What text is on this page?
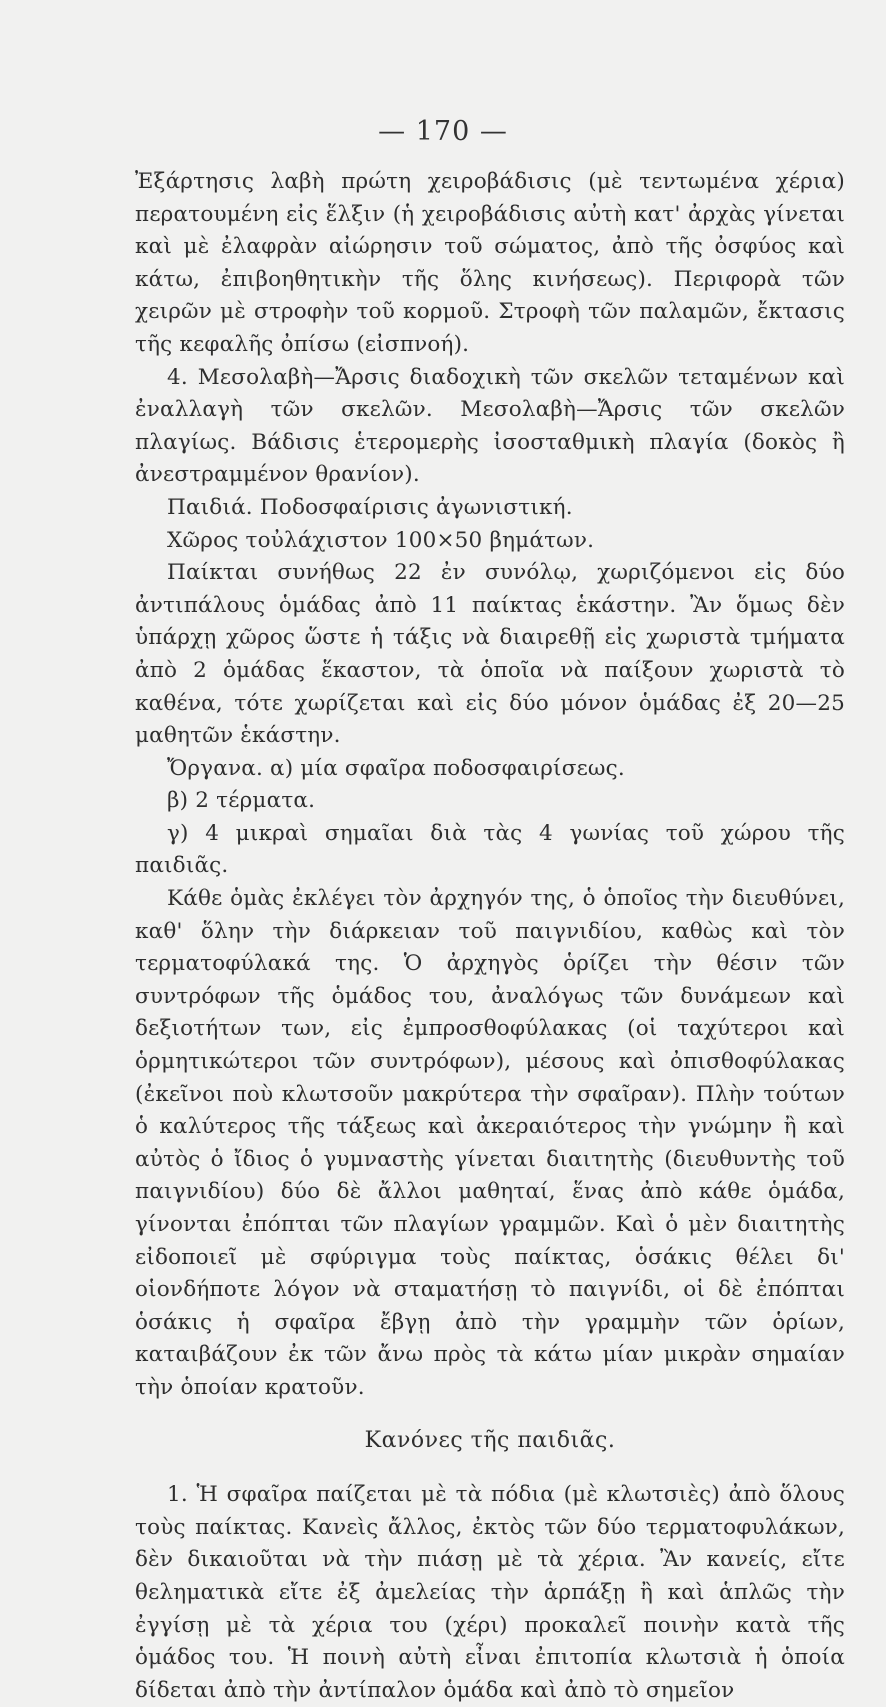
— 170 —

Ἐξάρτησις λαβὴ πρώτη χειροβάδισις (μὲ τεντωμένα χέρια) περατουμένη εἰς ἕλξιν (ἡ χειροβάδισις αὐτὴ κατ' ἀρχὰς γίνεται καὶ μὲ ἐλαφρὰν αἰώρησιν τοῦ σώματος, ἀπὸ τῆς ὀσφύος καὶ κάτω, ἐπιβοηθητικὴν τῆς ὅλης κινήσεως). Περιφορὰ τῶν χειρῶν μὲ στροφὴν τοῦ κορμοῦ. Στροφὴ τῶν παλαμῶν, ἔκτασις τῆς κεφαλῆς ὀπίσω (εἰσπνοή).

4. Μεσολαβὴ—Ἄρσις διαδοχικὴ τῶν σκελῶν τεταμένων καὶ ἐναλλαγὴ τῶν σκελῶν. Μεσολαβὴ—Ἄρσις τῶν σκελῶν πλαγίως. Βάδισις ἑτερομερὴς ἰσοσταθμικὴ πλαγία (δοκὸς ἢ ἀνεστραμμένον θρανίον).

Παιδιά. Ποδοσφαίρισις ἀγωνιστική.

Χῶρος τοὐλάχιστον 100×50 βημάτων.

Παίκται συνήθως 22 ἐν συνόλῳ, χωριζόμενοι εἰς δύο ἀντιπάλους ὁμάδας ἀπὸ 11 παίκτας ἑκάστην. Ἂν ὅμως δὲν ὑπάρχῃ χῶρος ὥστε ἡ τάξις νὰ διαιρεθῇ εἰς χωριστὰ τμήματα ἀπὸ 2 ὁμάδας ἕκαστον, τὰ ὁποῖα νὰ παίξουν χωριστὰ τὸ καθένα, τότε χωρίζεται καὶ εἰς δύο μόνον ὁμάδας ἐξ 20—25 μαθητῶν ἑκάστην.

Ὄργανα. α) μία σφαῖρα ποδοσφαιρίσεως.

β) 2 τέρματα.

γ) 4 μικραὶ σημαῖαι διὰ τὰς 4 γωνίας τοῦ χώρου τῆς παιδιᾶς.

Κάθε ὁμὰς ἐκλέγει τὸν ἀρχηγόν της, ὁ ὁποῖος τὴν διευθύνει, καθ' ὅλην τὴν διάρκειαν τοῦ παιγνιδίου, καθὼς καὶ τὸν τερματοφύλακά της. Ὁ ἀρχηγὸς ὁρίζει τὴν θέσιν τῶν συντρόφων τῆς ὁμάδος του, ἀναλόγως τῶν δυνάμεων καὶ δεξιοτήτων των, εἰς ἐμπροσθοφύλακας (οἱ ταχύτεροι καὶ ὁρμητικώτεροι τῶν συντρόφων), μέσους καὶ ὀπισθοφύλακας (ἐκεῖνοι ποὺ κλωτσοῦν μακρύτερα τὴν σφαῖραν). Πλὴν τούτων ὁ καλύτερος τῆς τάξεως καὶ ἀκεραιότερος τὴν γνώμην ἢ καὶ αὐτὸς ὁ ἴδιος ὁ γυμναστὴς γίνεται διαιτητὴς (διευθυντὴς τοῦ παιγνιδίου) δύο δὲ ἄλλοι μαθηταί, ἕνας ἀπὸ κάθε ὁμάδα, γίνονται ἐπόπται τῶν πλαγίων γραμμῶν. Καὶ ὁ μὲν διαιτητὴς εἰδοποιεῖ μὲ σφύριγμα τοὺς παίκτας, ὁσάκις θέλει δι' οἱονδήποτε λόγον νὰ σταματήσῃ τὸ παιγνίδι, οἱ δὲ ἐπόπται ὁσάκις ἡ σφαῖρα ἔβγῃ ἀπὸ τὴν γραμμὴν τῶν ὁρίων, καταιβάζουν ἐκ τῶν ἄνω πρὸς τὰ κάτω μίαν μικρὰν σημαίαν τὴν ὁποίαν κρατοῦν.

Κανόνες τῆς παιδιᾶς.

1. Ἡ σφαῖρα παίζεται μὲ τὰ πόδια (μὲ κλωτσιὲς) ἀπὸ ὅλους τοὺς παίκτας. Κανεὶς ἄλλος, ἐκτὸς τῶν δύο τερματοφυλάκων, δὲν δικαιοῦται νὰ τὴν πιάσῃ μὲ τὰ χέρια. Ἂν κανείς, εἴτε θεληματικὰ εἴτε ἐξ ἀμελείας τὴν ἁρπάξῃ ἢ καὶ ἁπλῶς τὴν ἐγγίσῃ μὲ τὰ χέρια του (χέρι) προκαλεῖ ποινὴν κατὰ τῆς ὁμάδος του. Ἡ ποινὴ αὐτὴ εἶναι ἐπιτοπία κλωτσιὰ ἡ ὁποία δίδεται ἀπὸ τὴν ἀντίπαλον ὁμάδα καὶ ἀπὸ τὸ σημεῖον
